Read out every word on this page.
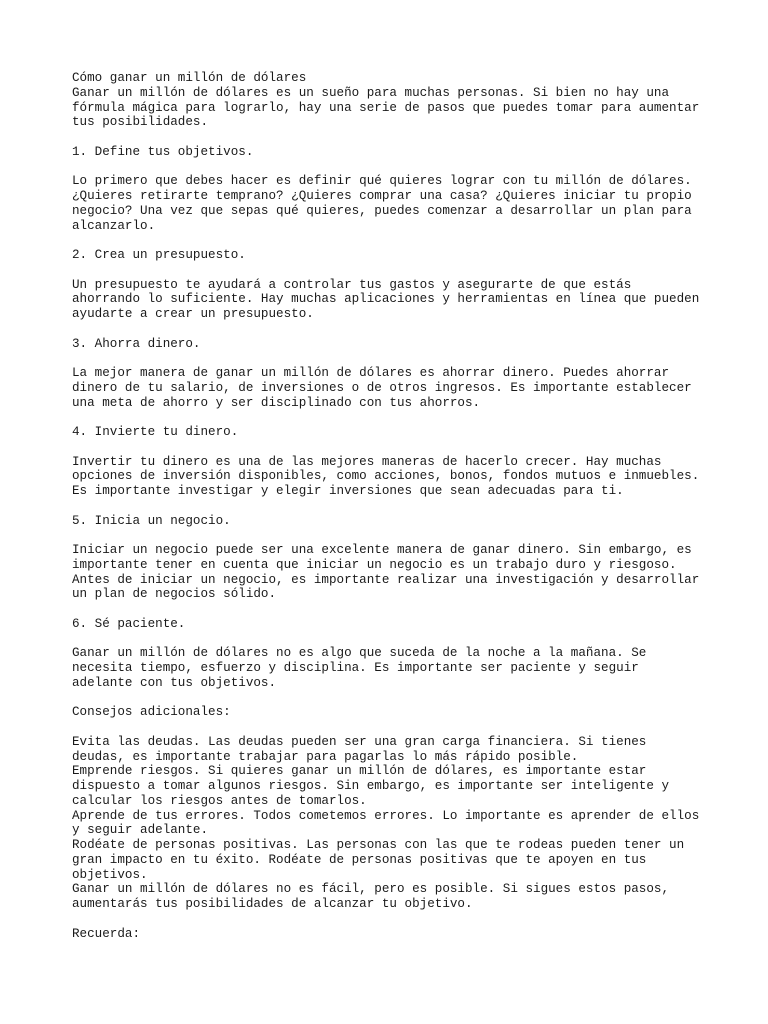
Cómo ganar un millón de dólares
Ganar un millón de dólares es un sueño para muchas personas. Si bien no hay una
fórmula mágica para lograrlo, hay una serie de pasos que puedes tomar para aumentar
tus posibilidades.
1. Define tus objetivos.
Lo primero que debes hacer es definir qué quieres lograr con tu millón de dólares.
¿Quieres retirarte temprano? ¿Quieres comprar una casa? ¿Quieres iniciar tu propio
negocio? Una vez que sepas qué quieres, puedes comenzar a desarrollar un plan para
alcanzarlo.
2. Crea un presupuesto.
Un presupuesto te ayudará a controlar tus gastos y asegurarte de que estás
ahorrando lo suficiente. Hay muchas aplicaciones y herramientas en línea que pueden
ayudarte a crear un presupuesto.
3. Ahorra dinero.
La mejor manera de ganar un millón de dólares es ahorrar dinero. Puedes ahorrar
dinero de tu salario, de inversiones o de otros ingresos. Es importante establecer
una meta de ahorro y ser disciplinado con tus ahorros.
4. Invierte tu dinero.
Invertir tu dinero es una de las mejores maneras de hacerlo crecer. Hay muchas
opciones de inversión disponibles, como acciones, bonos, fondos mutuos e inmuebles.
Es importante investigar y elegir inversiones que sean adecuadas para ti.
5. Inicia un negocio.
Iniciar un negocio puede ser una excelente manera de ganar dinero. Sin embargo, es
importante tener en cuenta que iniciar un negocio es un trabajo duro y riesgoso.
Antes de iniciar un negocio, es importante realizar una investigación y desarrollar
un plan de negocios sólido.
6. Sé paciente.
Ganar un millón de dólares no es algo que suceda de la noche a la mañana. Se
necesita tiempo, esfuerzo y disciplina. Es importante ser paciente y seguir
adelante con tus objetivos.
Consejos adicionales:
Evita las deudas. Las deudas pueden ser una gran carga financiera. Si tienes
deudas, es importante trabajar para pagarlas lo más rápido posible.
Emprende riesgos. Si quieres ganar un millón de dólares, es importante estar
dispuesto a tomar algunos riesgos. Sin embargo, es importante ser inteligente y
calcular los riesgos antes de tomarlos.
Aprende de tus errores. Todos cometemos errores. Lo importante es aprender de ellos
y seguir adelante.
Rodéate de personas positivas. Las personas con las que te rodeas pueden tener un
gran impacto en tu éxito. Rodéate de personas positivas que te apoyen en tus
objetivos.
Ganar un millón de dólares no es fácil, pero es posible. Si sigues estos pasos,
aumentarás tus posibilidades de alcanzar tu objetivo.
Recuerda:
